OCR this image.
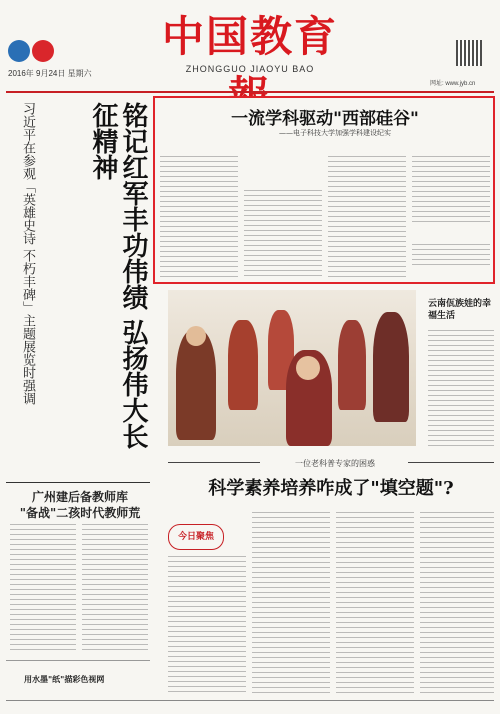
中国教育
ZHONGGUO JIAOYU BAO
2016年 9月24日 星期六
网址: www.jyb.cn
习近平在参观「英雄史诗 不朽丰碑」主题展览时强调	铭记红军丰功伟绩 弘扬伟大长征精神
广州建后备教师库
"备战"二孩时代教师荒
用水墨"纸"描彩色视网
一流学科驱动"西部硅谷"
——电子科技大学加强学科建设纪实
云南佤族娃的幸福生活
一位老科普专家的困惑
科学素养培养咋成了"填空题"?
今日聚焦
